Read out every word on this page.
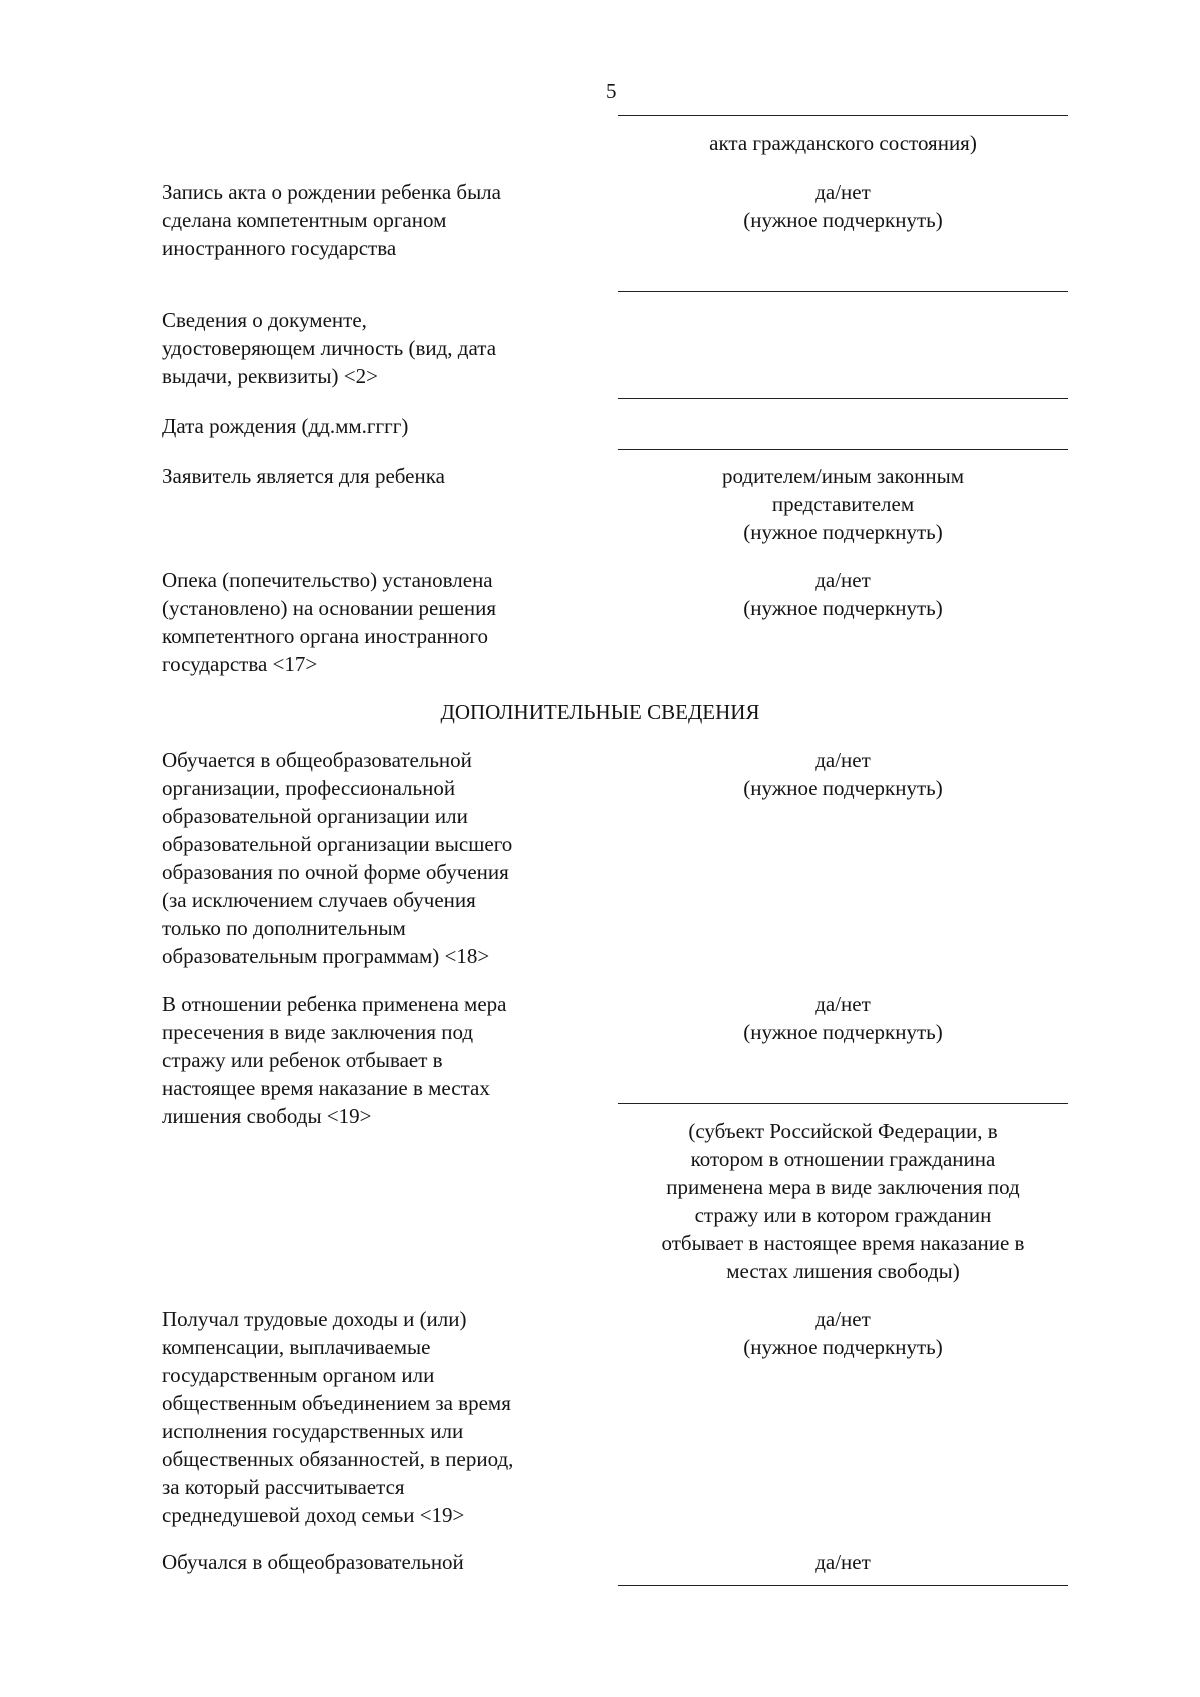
5
акта гражданского состояния)
Запись акта о рождении ребенка была
сделана компетентным органом
иностранного государства
да/нет
(нужное подчеркнуть)
Сведения о документе,
удостоверяющем личность (вид, дата
выдачи, реквизиты) <2>
Дата рождения (дд.мм.гггг)
Заявитель является для ребенка	родителем/иным законным
представителем
(нужное подчеркнуть)
Опека (попечительство) установлена
(установлено) на основании решения
компетентного органа иностранного
государства <17>
да/нет
(нужное подчеркнуть)
ДОПОЛНИТЕЛЬНЫЕ СВЕДЕНИЯ
Обучается в общеобразовательной
организации, профессиональной
образовательной организации или
образовательной организации высшего
образования по очной форме обучения
(за исключением случаев обучения
только по дополнительным
образовательным программам) <18>
да/нет
(нужное подчеркнуть)
В отношении ребенка применена мера
пресечения в виде заключения под
стражу или ребенок отбывает в
настоящее время наказание в местах
лишения свободы <19>
да/нет
(нужное подчеркнуть)
(субъект Российской Федерации, в
котором в отношении гражданина
применена мера в виде заключения под
стражу или в котором гражданин
отбывает в настоящее время наказание в
местах лишения свободы)
Получал трудовые доходы и (или)
компенсации, выплачиваемые
государственным органом или
общественным объединением за время
исполнения государственных или
общественных обязанностей, в период,
за который рассчитывается
среднедушевой доход семьи <19>
да/нет
(нужное подчеркнуть)
Обучался в общеобразовательной	да/нет
